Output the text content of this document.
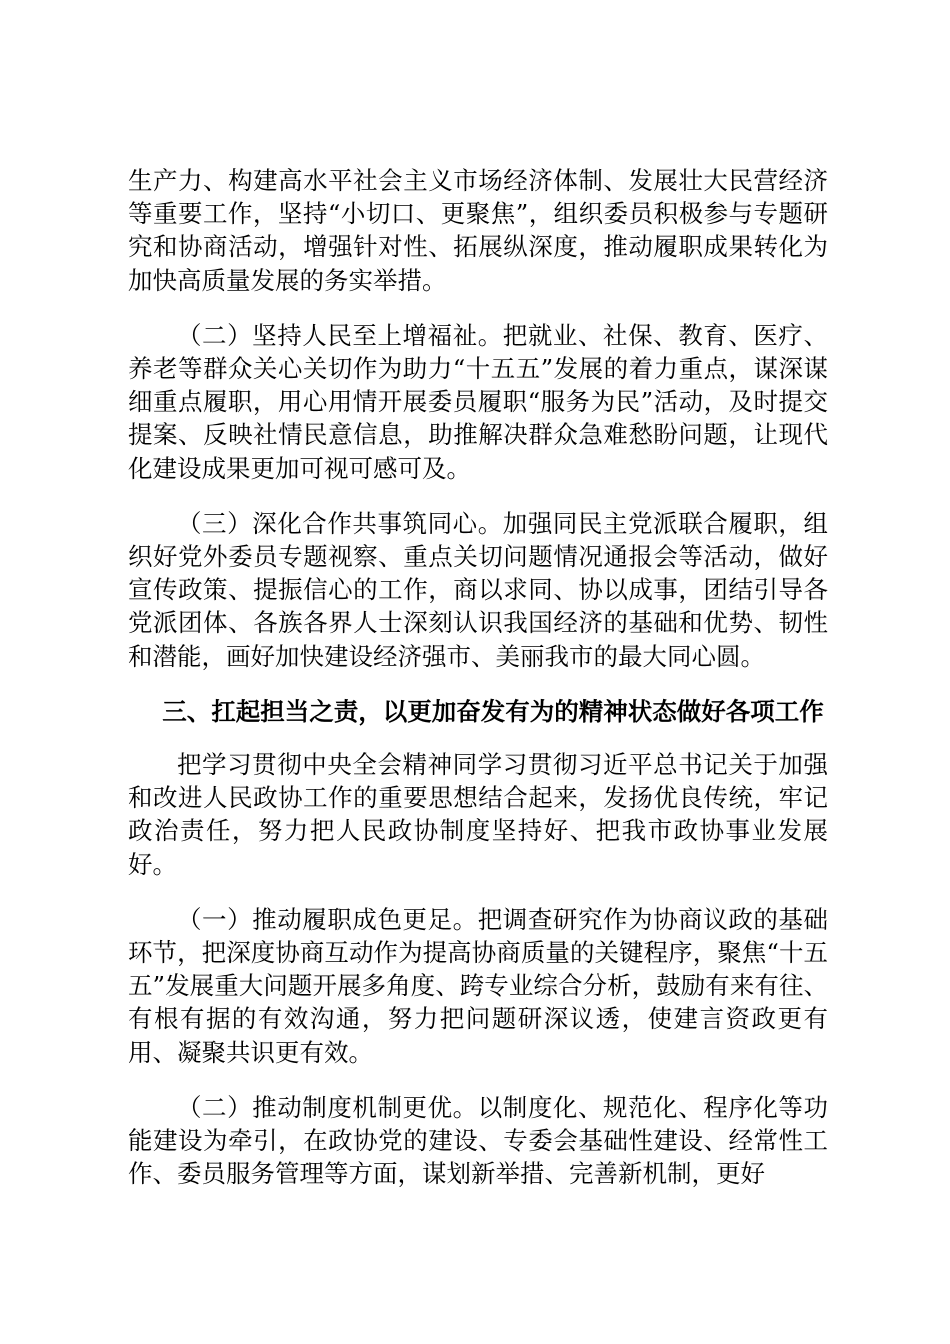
生产力、构建高水平社会主义市场经济体制、发展壮大民营经济等重要工作，坚持“小切口、更聚焦”，组织委员积极参与专题研究和协商活动，增强针对性、拓展纵深度，推动履职成果转化为加快高质量发展的务实举措。

（二）坚持人民至上增福祉。把就业、社保、教育、医疗、养老等群众关心关切作为助力“十五五”发展的着力重点，谋深谋细重点履职，用心用情开展委员履职“服务为民”活动，及时提交提案、反映社情民意信息，助推解决群众急难愁盼问题，让现代化建设成果更加可视可感可及。

（三）深化合作共事筑同心。加强同民主党派联合履职，组织好党外委员专题视察、重点关切问题情况通报会等活动，做好宣传政策、提振信心的工作，商以求同、协以成事，团结引导各党派团体、各族各界人士深刻认识我国经济的基础和优势、韧性和潜能，画好加快建设经济强市、美丽我市的最大同心圆。

三、扛起担当之责，以更加奋发有为的精神状态做好各项工作

把学习贯彻中央全会精神同学习贯彻习近平总书记关于加强和改进人民政协工作的重要思想结合起来，发扬优良传统，牢记政治责任，努力把人民政协制度坚持好、把我市政协事业发展好。

（一）推动履职成色更足。把调查研究作为协商议政的基础环节，把深度协商互动作为提高协商质量的关键程序，聚焦“十五五”发展重大问题开展多角度、跨专业综合分析，鼓励有来有往、有根有据的有效沟通，努力把问题研深议透，使建言资政更有用、凝聚共识更有效。

（二）推动制度机制更优。以制度化、规范化、程序化等功能建设为牵引，在政协党的建设、专委会基础性建设、经常性工作、委员服务管理等方面，谋划新举措、完善新机制，更好
